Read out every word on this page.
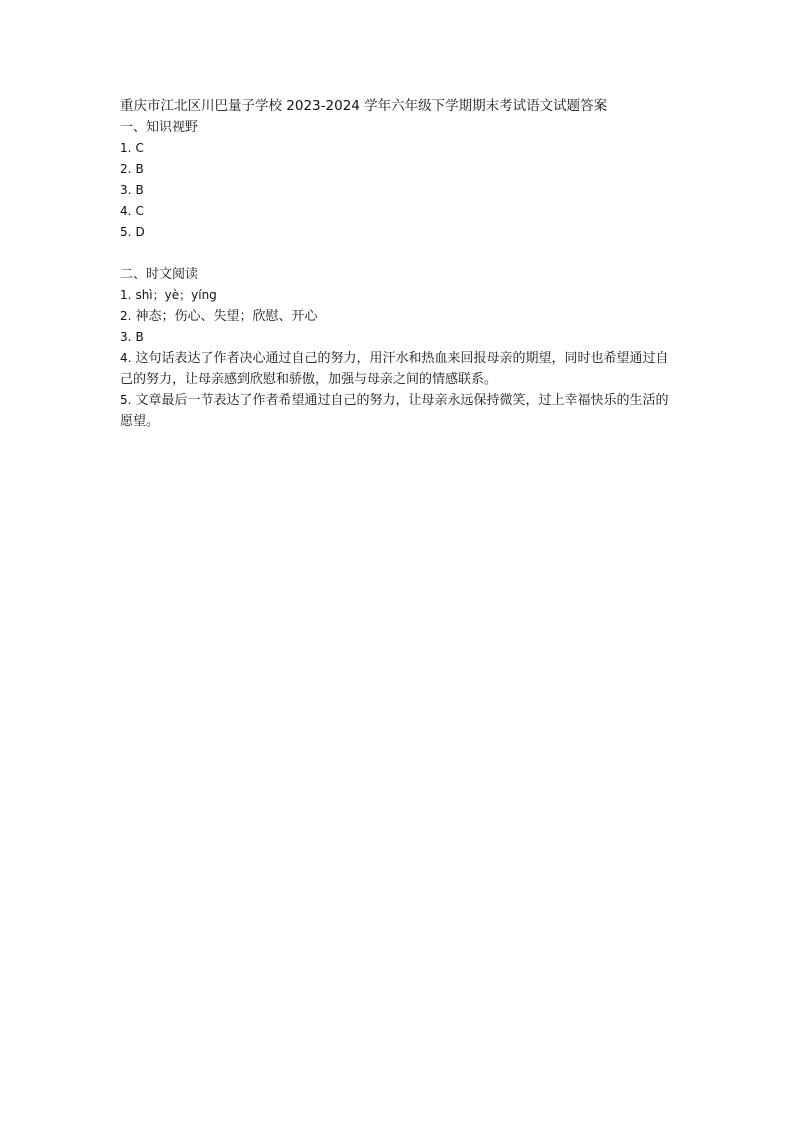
重庆市江北区川巴量子学校 2023-2024 学年六年级下学期期末考试语文试题答案
一、知识视野
1. C
2. B
3. B
4. C
5. D
二、时文阅读
1. shì；yè；yíng
2. 神态；伤心、失望；欣慰、开心
3. B
4. 这句话表达了作者决心通过自己的努力，用汗水和热血来回报母亲的期望，同时也希望通过自己的努力，让母亲感到欣慰和骄傲，加强与母亲之间的情感联系。
5. 文章最后一节表达了作者希望通过自己的努力，让母亲永远保持微笑，过上幸福快乐的生活的愿望。
